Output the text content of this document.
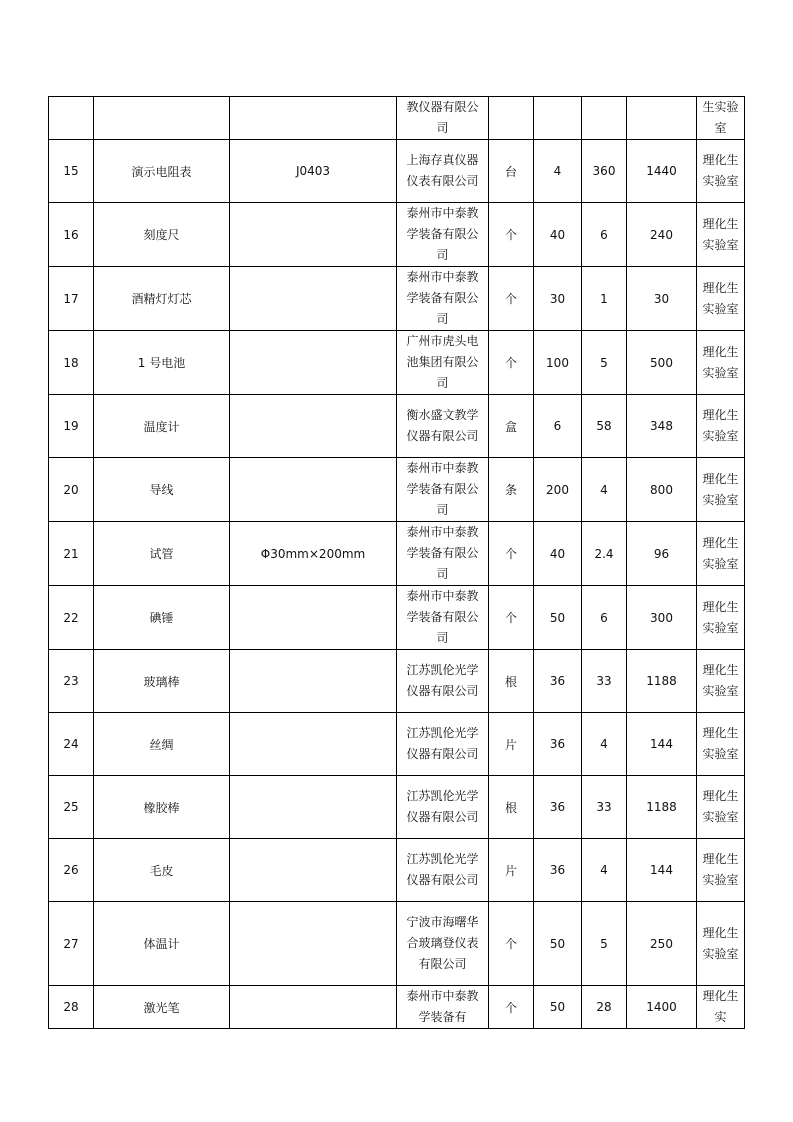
			教仪器有限公司					生实验室
15	演示电阻表	J0403	上海存真仪器仪表有限公司	台	4	360	1440	理化生实验室
16	刻度尺		泰州市中泰教学装备有限公司	个	40	6	240	理化生实验室
17	酒精灯灯芯		泰州市中泰教学装备有限公司	个	30	1	30	理化生实验室
18	1 号电池		广州市虎头电池集团有限公司	个	100	5	500	理化生实验室
19	温度计		衡水盛文教学仪器有限公司	盒	6	58	348	理化生实验室
20	导线		泰州市中泰教学装备有限公司	条	200	4	800	理化生实验室
21	试管	Φ30mm×200mm	泰州市中泰教学装备有限公司	个	40	2.4	96	理化生实验室
22	碘锤		泰州市中泰教学装备有限公司	个	50	6	300	理化生实验室
23	玻璃棒		江苏凯伦光学仪器有限公司	根	36	33	1188	理化生实验室
24	丝绸		江苏凯伦光学仪器有限公司	片	36	4	144	理化生实验室
25	橡胶棒		江苏凯伦光学仪器有限公司	根	36	33	1188	理化生实验室
26	毛皮		江苏凯伦光学仪器有限公司	片	36	4	144	理化生实验室
27	体温计		宁波市海曙华合玻璃登仪表有限公司	个	50	5	250	理化生实验室
28	激光笔		泰州市中泰教学装备有	个	50	28	1400	理化生实
